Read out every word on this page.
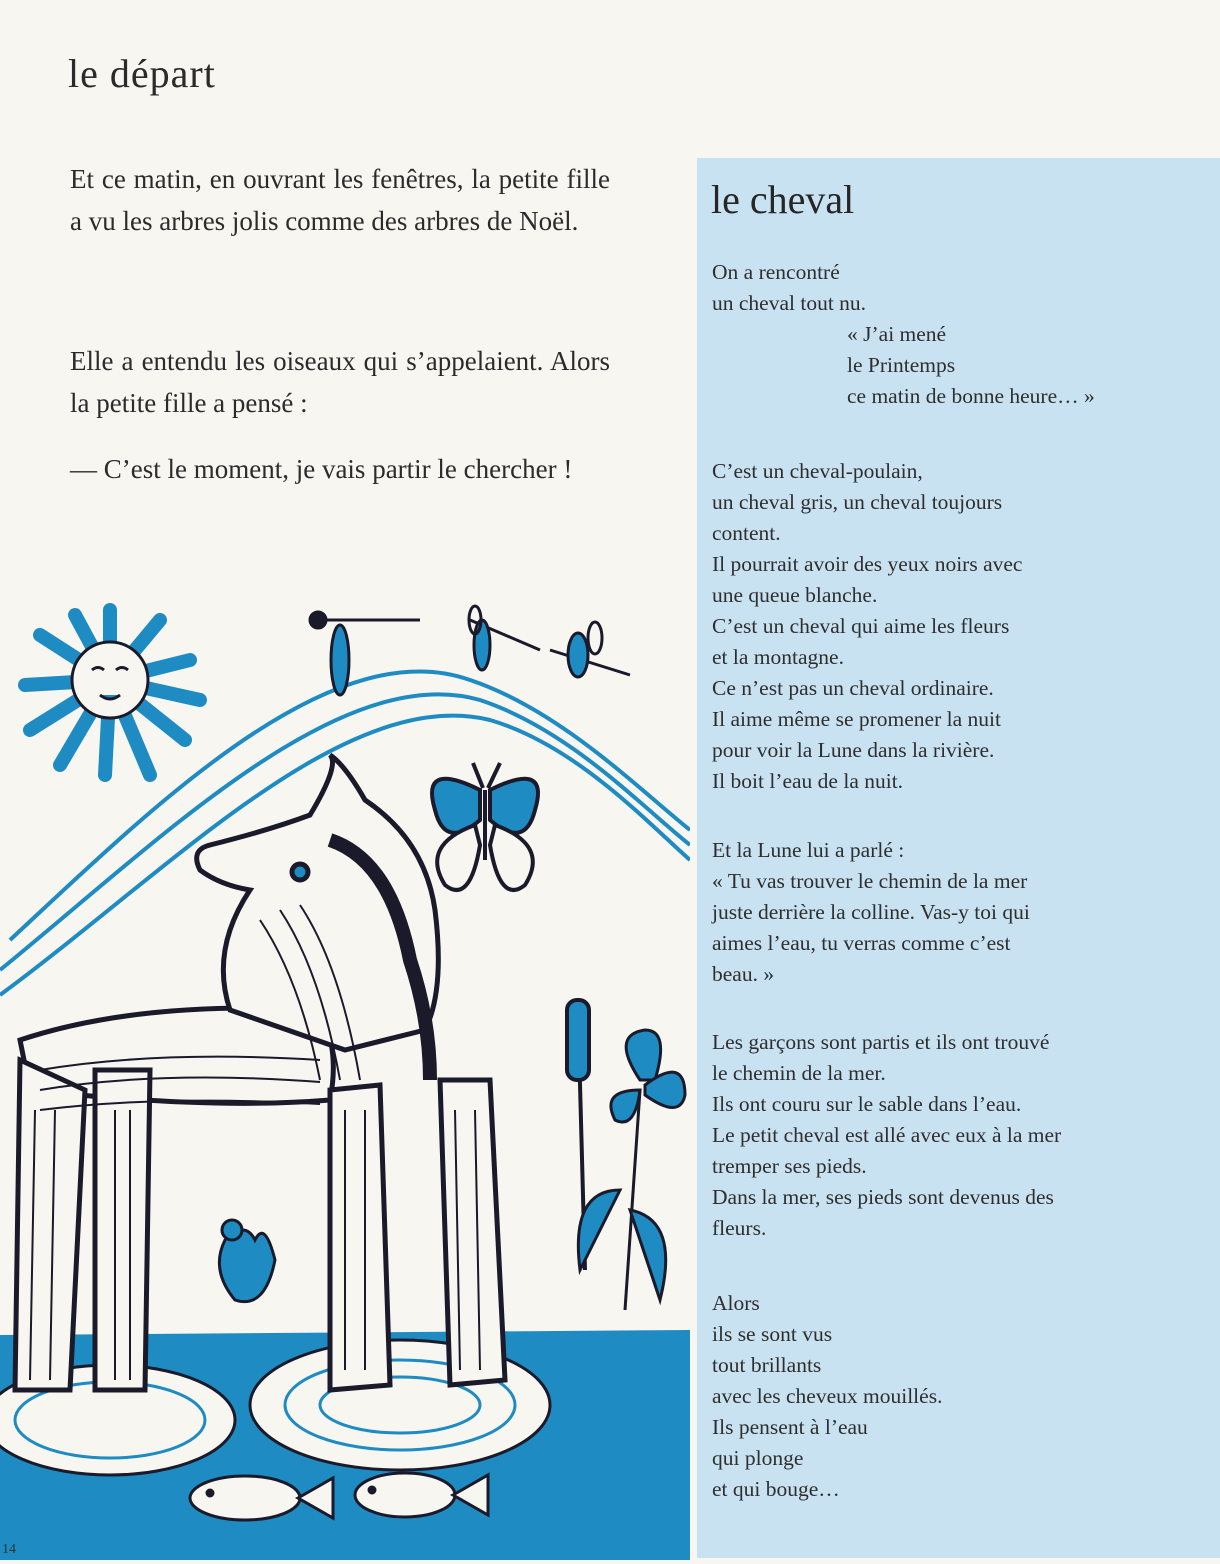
le départ

Et ce matin, en ouvrant les fenêtres, la petite fille a vu les arbres jolis comme des arbres de Noël.

Elle a entendu les oiseaux qui s’appelaient. Alors la petite fille a pensé :

— C’est le moment, je vais partir le chercher !

le cheval
On a rencontré
un cheval tout nu.
« J’ai mené
le Printemps
ce matin de bonne heure… »
C’est un cheval-poulain,
un cheval gris, un cheval toujours
content.
Il pourrait avoir des yeux noirs avec
une queue blanche.
C’est un cheval qui aime les fleurs
et la montagne.
Ce n’est pas un cheval ordinaire.
Il aime même se promener la nuit
pour voir la Lune dans la rivière.
Il boit l’eau de la nuit.
Et la Lune lui a parlé :
« Tu vas trouver le chemin de la mer
juste derrière la colline. Vas-y toi qui
aimes l’eau, tu verras comme c’est
beau. »
Les garçons sont partis et ils ont trouvé
le chemin de la mer.
Ils ont couru sur le sable dans l’eau.
Le petit cheval est allé avec eux à la mer
tremper ses pieds.
Dans la mer, ses pieds sont devenus des
fleurs.
Alors
ils se sont vus
tout brillants
avec les cheveux mouillés.
Ils pensent à l’eau
qui plonge
et qui bouge…
14
